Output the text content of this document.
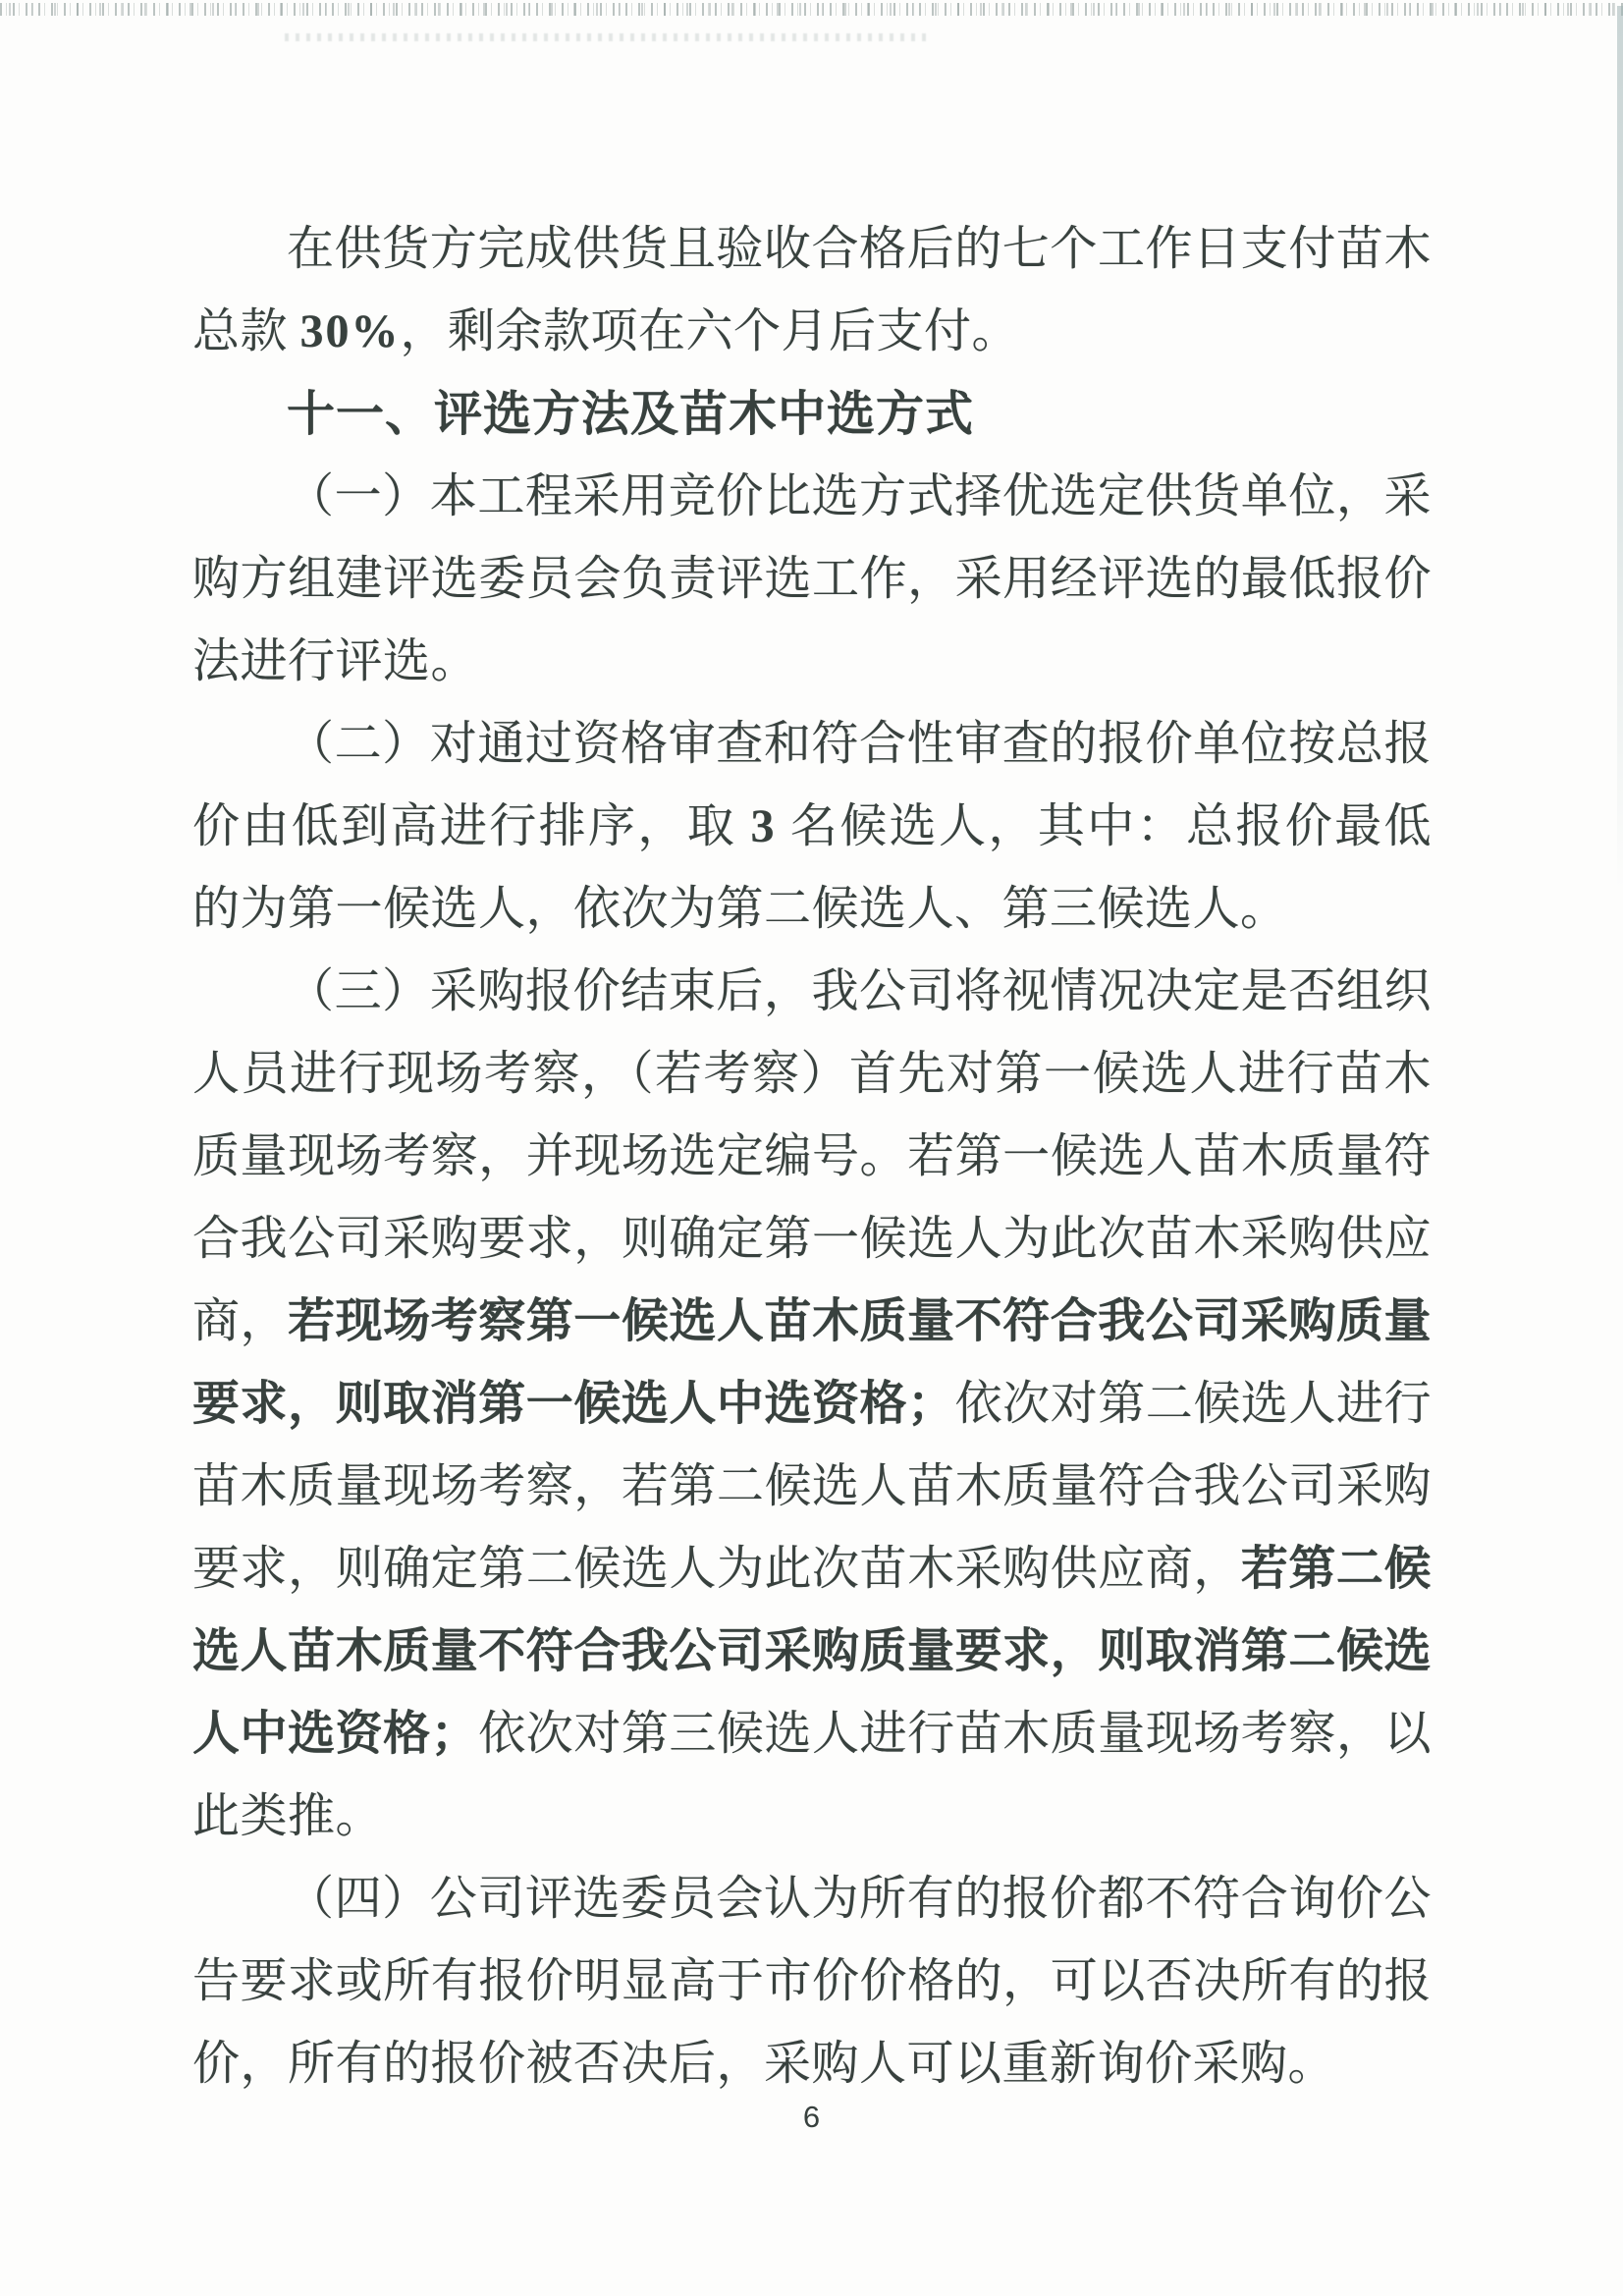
在供货方完成供货且验收合格后的七个工作日支付苗木总款 30%，剩余款项在六个月后支付。

十一、评选方法及苗木中选方式

（一）本工程采用竞价比选方式择优选定供货单位，采购方组建评选委员会负责评选工作，采用经评选的最低报价法进行评选。

（二）对通过资格审查和符合性审查的报价单位按总报价由低到高进行排序，取 3 名候选人，其中：总报价最低的为第一候选人，依次为第二候选人、第三候选人。

（三）采购报价结束后，我公司将视情况决定是否组织人员进行现场考察，（若考察）首先对第一候选人进行苗木质量现场考察，并现场选定编号。若第一候选人苗木质量符合我公司采购要求，则确定第一候选人为此次苗木采购供应商，若现场考察第一候选人苗木质量不符合我公司采购质量要求，则取消第一候选人中选资格；依次对第二候选人进行苗木质量现场考察，若第二候选人苗木质量符合我公司采购要求，则确定第二候选人为此次苗木采购供应商，若第二候选人苗木质量不符合我公司采购质量要求，则取消第二候选人中选资格；依次对第三候选人进行苗木质量现场考察，以此类推。

（四）公司评选委员会认为所有的报价都不符合询价公告要求或所有报价明显高于市价价格的，可以否决所有的报价，所有的报价被否决后，采购人可以重新询价采购。

6
